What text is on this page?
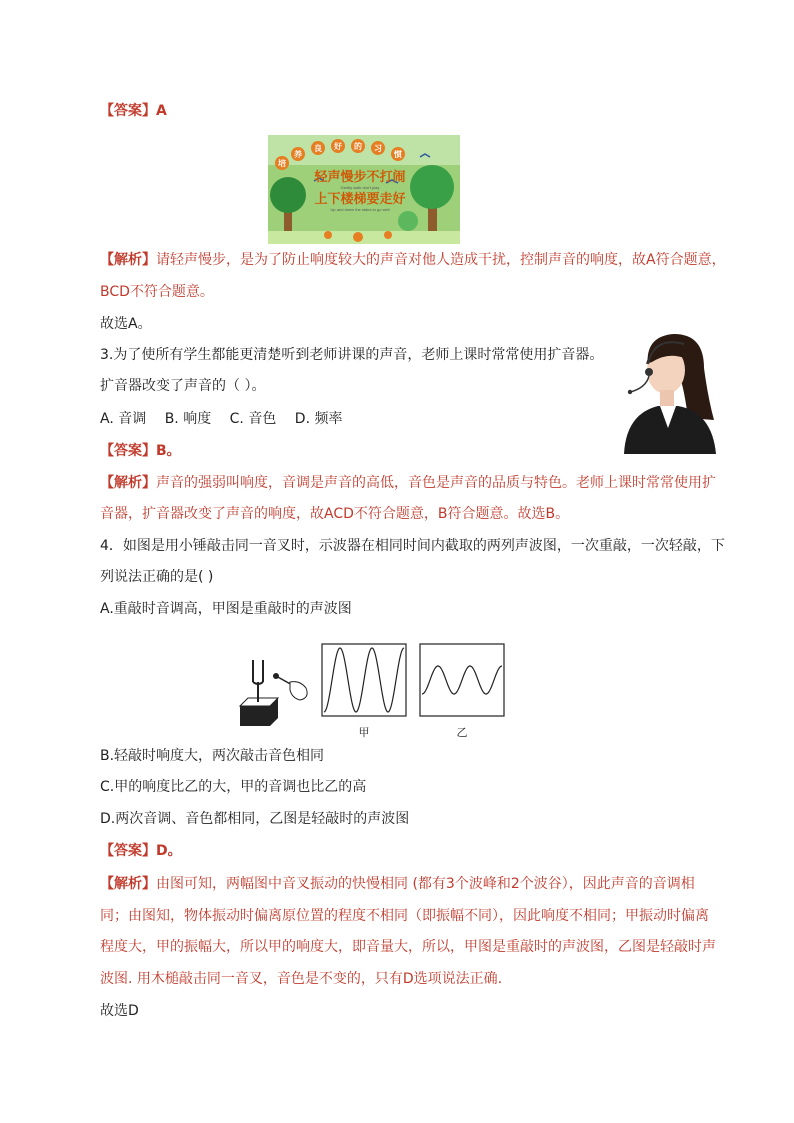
【答案】A
培
养
良 好 的 习
惯
轻声慢步不打闹
Gently walk don't play
上下楼梯要走好
Up and down the stairs to go well
【解析】请轻声慢步，是为了防止响度较大的声音对他人造成干扰，控制声音的响度，故A符合题意，
BCD不符合题意。
故选A。
3.为了使所有学生都能更清楚听到老师讲课的声音，老师上课时常常使用扩音器。
扩音器改变了声音的（ ）。
A. 音调 B. 响度 C. 音色 D. 频率
【答案】B。
【解析】声音的强弱叫响度，音调是声音的高低，音色是声音的品质与特色。老师上课时常常使用扩
音器，扩音器改变了声音的响度，故ACD不符合题意，B符合题意。故选B。
4．如图是用小锤敲击同一音叉时，示波器在相同时间内截取的两列声波图，一次重敲，一次轻敲，下
列说法正确的是( )
A.重敲时音调高，甲图是重敲时的声波图
甲	乙
B.轻敲时响度大，两次敲击音色相同
C.甲的响度比乙的大，甲的音调也比乙的高
D.两次音调、音色都相同，乙图是轻敲时的声波图
【答案】D。
【解析】由图可知，两幅图中音叉振动的快慢相同 (都有3个波峰和2个波谷），因此声音的音调相
同；由图知，物体振动时偏离原位置的程度不相同（即振幅不同），因此响度不相同；甲振动时偏离
程度大，甲的振幅大，所以甲的响度大，即音量大，所以，甲图是重敲时的声波图，乙图是轻敲时声
波图. 用木槌敲击同一音叉，音色是不变的，只有D选项说法正确.
故选D
